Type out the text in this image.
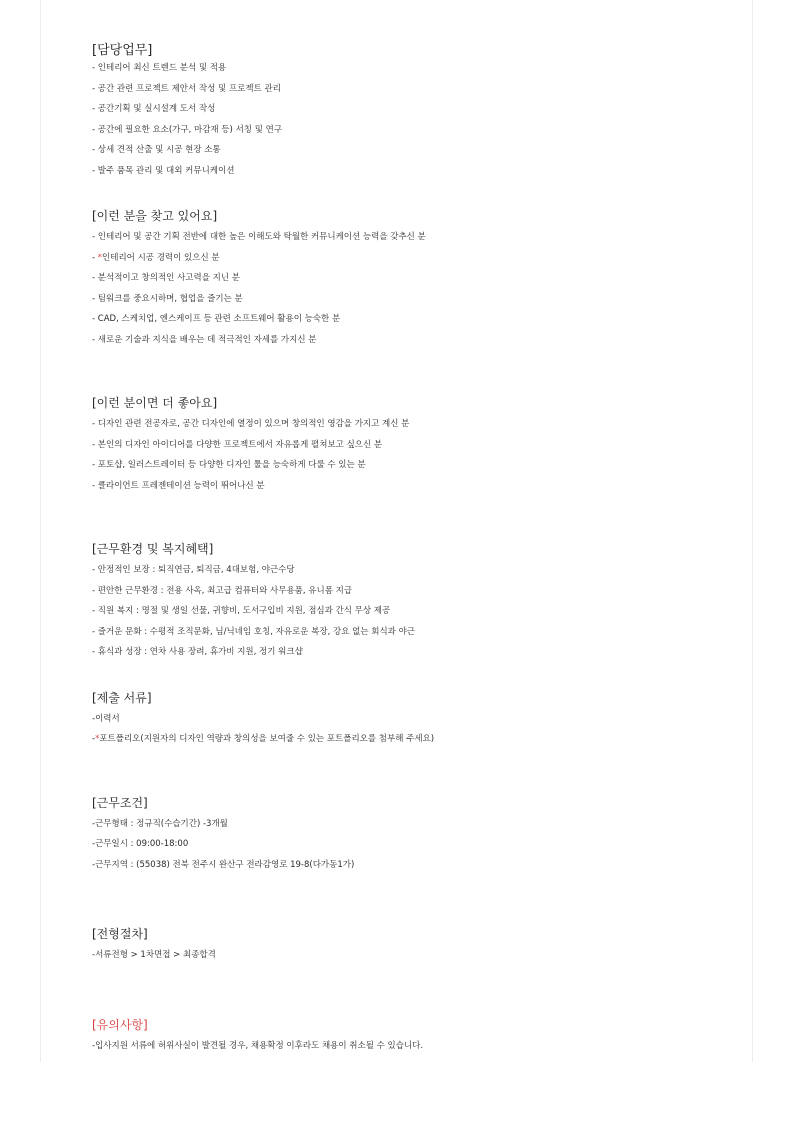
[담당업무]
- 인테리어 최신 트렌드 분석 및 적용
- 공간 관련 프로젝트 제안서 작성 및 프로젝트 관리
- 공간기획 및 실시설계 도서 작성
- 공간에 필요한 요소(가구, 마감재 등) 서칭 및 연구
- 상세 견적 산출 및 시공 현장 소통
- 발주 품목 관리 및 대외 커뮤니케이션
[이런 분을 찾고 있어요]
- 인테리어 및 공간 기획 전반에 대한 높은 이해도와 탁월한 커뮤니케이션 능력을 갖추신 분
- *인테리어 시공 경력이 있으신 분
- 분석적이고 창의적인 사고력을 지닌 분
- 팀워크를 중요시하며, 협업을 즐기는 분
- CAD, 스케치업, 엔스케이프 등 관련 소프트웨어 활용이 능숙한 분
- 새로운 기술과 지식을 배우는 데 적극적인 자세를 가지신 분
[이런 분이면 더 좋아요]
- 디자인 관련 전공자로, 공간 디자인에 열정이 있으며 창의적인 영감을 가지고 계신 분
- 본인의 디자인 아이디어를 다양한 프로젝트에서 자유롭게 펼쳐보고 싶으신 분
- 포토샵, 일러스트레이터 등 다양한 디자인 툴을 능숙하게 다룰 수 있는 분
- 클라이언트 프레젠테이션 능력이 뛰어나신 분
[근무환경 및 복지혜택]
- 안정적인 보장 : 퇴직연금, 퇴직금, 4대보험, 야근수당
- 편안한 근무환경 : 전용 사옥, 최고급 컴퓨터와 사무용품, 유니폼 지급
- 직원 복지 : 명절 및 생일 선물, 귀향비, 도서구입비 지원, 점심과 간식 무상 제공
- 즐거운 문화 : 수평적 조직문화, 님/닉네임 호칭, 자유로운 복장, 강요 없는 회식과 야근
- 휴식과 성장 : 연차 사용 장려, 휴가비 지원, 정기 워크샵
[제출 서류]
-이력서
-*포트폴리오(지원자의 디자인 역량과 창의성을 보여줄 수 있는 포트폴리오를 첨부해 주세요)
[근무조건]
-근무형태 : 정규직(수습기간) -3개월
-근무일시 : 09:00-18:00
-근무지역 : (55038) 전북 전주시 완산구 전라감영로 19-8(다가동1가)
[전형절차]
-서류전형 > 1차면접 > 최종합격
[유의사항]
-입사지원 서류에 허위사실이 발견될 경우, 채용확정 이후라도 채용이 취소될 수 있습니다.
